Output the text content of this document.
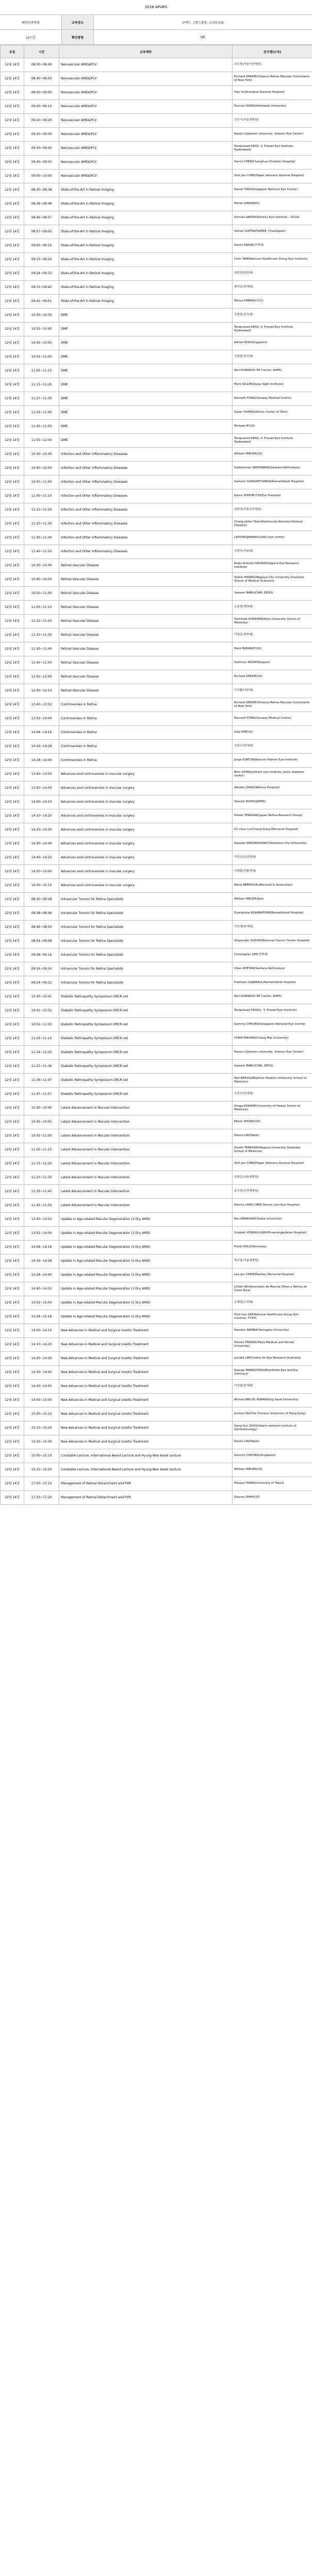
2018 APVRS
대한안과학회	교육장소	코엑스 그랜드볼룸, 오디토리움
12시간	확인방법	QR
요일	시간	교육제목	강사명(소속)
12월 14일	08:30~08:40	Neovascular AMD&PCV	조도형(서울아산병원)
12월 14일	08:40~08:50	Neovascular AMD&PCV	Richard SPAIDE(Vitreous Retina Macular Consultants of New York)
12월 14일	08:50~09:00	Neovascular AMD&PCV	Hao Yu(Shanghai General Hospital)
12월 14일	09:00~09:10	Neovascular AMD&PCV	Tsuruta ISHIDA(Hokkaido University)
12월 14일	09:10~09:20	Neovascular AMD&PCV	신승기(서울대병원)
12월 14일	09:20~09:30	Neovascular AMD&PCV	Kaoon LI(Jiamen university, Xiamen Eye Center)
12월 14일	09:30~09:40	Neovascular AMD&PCV	Taraprasad DASS, V. Prasad Eye Institute, Hyderabad)
12월 14일	09:40~09:50	Neovascular AMD&PCV	Sanvil CHEN(Changhua Christian Hospital)
12월 14일	09:50~10:00	Neovascular AMD&PCV	Shih Jen CHEN(Taipei Veterans General Hospital)
12월 14일	08:30~08:38	State-of-the-Art in Retinal Imaging	Daniel TING(Singapore National Eye Center)
12월 14일	08:38~08:46	State-of-the-Art in Retinal Imaging	Pithan KIM(KAIST)
12월 14일	08:46~08:57	State-of-the-Art in Retinal Imaging	Srinvas SADDA(Doheny Eye Institute – UCLA)
12월 14일	08:57~09:05	State-of-the-Art in Retinal Imaging	Vishali GUPTA(PGIMER, Chandigarh)
12월 14일	09:05~09:15	State-of-the-Art in Retinal Imaging	Soomi KWON(연세대)
12월 14일	09:15~09:24	State-of-the-Art in Retinal Imaging	Colin TAN(National Healthcare Group Eye Institute)
12월 14일	09:24~09:33	State-of-the-Art in Retinal Imaging	최성현(한림대)
12월 14일	09:33~09:42	State-of-the-Art in Retinal Imaging	변석호(연세대)
12월 14일	09:42~09:51	State-of-the-Art in Retinal Imaging	Tatsuo HIRANO(일본)
12월 14일	10:30~10:35	DME	김형찬(건국대)
12월 14일	10:35~10:45	DME	Taraprasad DASS, V. Prasad Eye Institute, Hyderabad)
12월 14일	10:45~10:55	DME	Adrian KOH(Singapore)
12월 14일	10:55~11:05	DME	김형찬(건국대)
12월 14일	11:05~11:15	DME	Atul KUMAR(Dr RP Centre, AIIMS)
12월 14일	11:15~11:25	DME	Mark GILLIES(Save Sight Institute)
12월 14일	11:25~11:35	DME	Kenneth FONG(Sunway Medical Centre)
12월 14일	11:35~11:45	DME	Suber HUANG(Retina Center of Ohio)
12월 14일	11:45~11:55	DME	Michael IP(US)
12월 14일	11:55~12:00	DME	Taraprasad DASS, V. Prasad Eye Institute, Hyderabad)
12월 14일	10:30~10:40	Infection and Other Inflammatory Diseases	William MIELER(US)
12월 14일	10:40~10:50	Infection and Other Inflammatory Diseases	Sudharshan SRIDHARAN(Sankara Nethralaya)
12월 14일	10:50~11:00	Infection and Other Inflammatory Diseases	Somoon SUKAVATCHARIN(Ramathibodi Hospital)
12월 14일	11:00~11:10	Infection and Other Inflammatory Diseases	Gavin VOHOM CHI(Eye Hospital)
12월 14일	11:10~11:20	Infection and Other Inflammatory Diseases	임현정(서울성모병원)
12월 14일	11:20~11:30	Infection and Other Inflammatory Diseases	Chang-Jotter Shen(Kaohsiung Veterans General Hospital)
12월 14일	11:30~11:40	Infection and Other Inflammatory Diseases	LAOVIROJJANAKUL(KKU eye center)
12월 14일	11:40~11:50	Infection and Other Inflammatory Diseases	신경진(서울대)
12월 14일	10:30~10:40	Retinal Vascular Disease	Pedro Antonio NOVA(Philippine Eye Research Institute)
12월 14일	10:40~10:50	Retinal Vascular Disease	Yoshio HIRANO(Nagoya City University Graduate School of Medical Sciences)
12월 14일	10:50~11:00	Retinal Vascular Disease	Sawesh BABU(CARL ZEISS)
12월 14일	11:00~11:10	Retinal Vascular Disease	오종현(계명대)
12월 14일	11:10~11:20	Retinal Vascular Disease	Toshihide KURIHARA(Keio University School of Medicine)
12월 14일	11:20~11:30	Retinal Vascular Disease	이형준(전북대)
12월 14일	11:30~11:40	Retinal Vascular Disease	Mark BARAKAT(US)
12월 14일	11:40~11:50	Retinal Vascular Disease	Yoshinori MUSATA(Japan)
12월 14일	11:50~12:00	Retinal Vascular Disease	Richard SPAIDE(US)
12월 14일	12:00~12:10	Retinal Vascular Disease	이기환(아주대)
12월 14일	13:40~13:52	Controversies in Retina	Richard SPAIDE(Vitreous Retina Macular Consultants of New York)
12월 14일	13:52~14:04	Controversies in Retina	Kenneth FONG(Sunway Medical Centre)
12월 14일	14:04~14:16	Controversies in Retina	Judy KIM(US)
12월 14일	14:16~14:28	Controversies in Retina	김성수(연세대)
12월 14일	14:28~14:40	Controversies in Retina	Jorge FORTUN(Bascom Palmer Eye Institute)
12월 14일	13:40~13:50	Advances and controversies in macular surgery	Bihn XIONG(william eye institute, Jostic diabetes center)
12월 14일	13:50~14:00	Advances and controversies in macular surgery	Wenbin ZHAO(Weihua Hospital)
12월 14일	14:00~14:10	Advances and controversies in macular surgery	Yasushi IKUNO(JAPAN)
12월 14일	14:10~14:20	Advances and controversies in macular surgery	Hiroko TERASAKI(Japan Retina Research Group)
12월 14일	14:20~14:30	Advances and controversies in macular surgery	Ch-chun Lin(Chang Gung Memorial Hospital)
12월 14일	14:30~14:40	Advances and controversies in macular surgery	Kazuaki KADONOSONO(Yokohama City University)
12월 14일	14:40~14:50	Advances and controversies in macular surgery	이성진(순천향대)
12월 14일	14:50~15:00	Advances and controversies in macular surgery	이재훈(가톨릭대)
12월 14일	15:00~15:10	Advances and controversies in macular surgery	Maria BERROCAL(Berrocal & Associates)
12월 14일	08:30~08:38	Intraocular Tumors for Retina Specialists	William MIELER(Aya)
12월 14일	08:38~08:46	Intraocular Tumors for Retina Specialists	Duangnate ROJANAPORN(Ramathibodi Hospital)
12월 14일	08:46~08:54	Intraocular Tumors for Retina Specialists	이승제(연세대)
12월 14일	08:54~09:08	Intraocular Tumors for Retina Specialists	Shigenobu SUZUKI(National Cancer Center Hospital)
12월 14일	09:08~09:16	Intraocular Tumors for Retina Specialists	Christopher LEE(연세대)
12월 14일	09:16~09:24	Intraocular Tumors for Retina Specialists	Vikas KHETAN(Sankara Nethralaya)
12월 14일	09:24~09:32	Intraocular Tumors for Retina Specialists	Prathiam SUJIRAKUL(Ramathibodi hospital)
12월 14일	10:30~10:41	Diabetic Retinopathy Symposium DRCR.net	Atul KUMAR(Dr RP Centre, AIIMS)
12월 14일	10:41~10:52	Diabetic Retinopathy Symposium DRCR.net	Taraprasad DASS(L. V. Prasad Eye Institute)
12월 14일	10:52~11:03	Diabetic Retinopathy Symposium DRCR.net	Gemmy CHEUNG(Singapore National Eye Centre)
12월 14일	11:03~11:14	Diabetic Retinopathy Symposium DRCR.net	CHAN-TAKHAN(Chiang Mai University)
12월 14일	11:14~11:25	Diabetic Retinopathy Symposium DRCR.net	Kaoon LI(Jiamen university, Xiamen Eye Center)
12월 14일	11:25~11:36	Diabetic Retinopathy Symposium DRCR.net	Sawesh BABU(CARL ZEISS)
12월 14일	11:36~11:47	Diabetic Retinopathy Symposium DRCR.net	Neil BRESSLER(Johns Hopkins University School of Medicine)
12월 14일	11:47~11:57	Diabetic Retinopathy Symposium DRCR.net	오진건(연세대)
12월 14일	10:30~10:45	Latest Advancement in Macular Intervention	Gregg KOKAME(University of Hawaii School of Medicine)
12월 14일	10:45~10:55	Latest Advancement in Macular Intervention	Ebisei SHONG(US)
12월 14일	10:55~11:05	Latest Advancement in Macular Intervention	Dasrio LIN(Taipei)
12월 14일	11:05~11:15	Latest Advancement in Macular Intervention	Hiroko TERASAKI(Nagoya University Graduate School of Medicine)
12월 14일	11:15~11:25	Latest Advancement in Macular Intervention	Shih Jen CHEN(Taipei Veterans General Hospital)
12월 14일	11:25~11:35	Latest Advancement in Macular Intervention	유형곤(서울대병원)
12월 14일	11:35~11:45	Latest Advancement in Macular Intervention	송수정(인하대병원)
12월 14일	11:45~11:55	Latest Advancement in Macular Intervention	Dennis LAM(C-MER Dennis Lam Eye Hospital)
12월 14일	13:40~13:52	Update in Age-related Macular Degeneration (2 Dry AMD)	Ryo KAWASAKI(Osaka University)
12월 14일	13:52~14:04	Update in Age-related Macular Degeneration (2 Dry AMD)	Sriabatt VONGKULSIRI(Phramongkutklao Hospital)
12월 14일	14:04~14:16	Update in Age-related Macular Degeneration (2 Dry AMD)	Frank HOLZ(Germany)
12월 14일	14:16~14:28	Update in Age-related Macular Degeneration (2 Dry AMD)	박규홍(서울대병원)
12월 14일	14:28~14:40	Update in Age-related Macular Degeneration (2 Dry AMD)	Lee-Jen CHEN(MacKay Memorial Hospital)
12월 14일	14:40~14:52	Update in Age-related Macular Degeneration (2 Dry AMD)	Lihteh WU(Asociados de Macula Vitreo y Retina de Costa Rica)
12월 14일	14:52~15:04	Update in Age-related Macular Degeneration (2 Dry AMD)	오재령(고려대)
12월 14일	15:04~15:16	Update in Age-related Macular Degeneration (2 Dry AMD)	Tock-han LIM(National Healthcare Group Eye Institute, TTSH)
12월 14일	14:00~14:10	New Advances in Medical and Surgical Uveitis Treatment	Hyeshin NAMBA(Yamagata University)
12월 14일	14:10~14:20	New Advances in Medical and Surgical Uveitis Treatment	Hiroshi TAKASE(Tokyo Medical and Dental University)
12월 14일	14:20~14:30	New Advances in Medical and Surgical Uveitis Treatment	Lyndell LIM(Centre for Eye Research Australia)
12월 14일	14:30~14:40	New Advances in Medical and Surgical Uveitis Treatment	George PAPAKOSTAS(Moorfields Eye and Ear Infirmary)
12월 14일	14:40~14:50	New Advances in Medical and Surgical Uveitis Treatment	이성철(연세대)
12월 14일	14:50~15:00	New Advances in Medical and Surgical Uveitis Treatment	Ahmed ABU EL-ASRAR(King Saud University)
12월 14일	15:00~15:10	New Advances in Medical and Surgical Uveitis Treatment	Jinchen NG(The Chinese University of Hong Kong)
12월 14일	15:10~15:20	New Advances in Medical and Surgical Uveitis Treatment	Gang Sun ZHOU(Adam national institute of Ophthalmology)
12월 14일	15:20~15:30	New Advances in Medical and Surgical Uveitis Treatment	Dasrio LIN(Taipei)
12월 14일	15:00~15:10	Constable Lecture, International Award Lecture and Hyung-Woo Kwak Lecture	Gemmy CHEUNG(Singapore)
12월 14일	15:10~15:20	Constable Lecture, International Award Lecture and Hyung-Woo Kwak Lecture	William MIELER(US)
12월 14일	17:00~17:10	Management of Retinal Detachment and PVR	Masayo MURA(University of Tokyo)
12월 14일	17:10~17:20	Management of Retinal Detachment and PVR	Gaurav SHAH(US)
